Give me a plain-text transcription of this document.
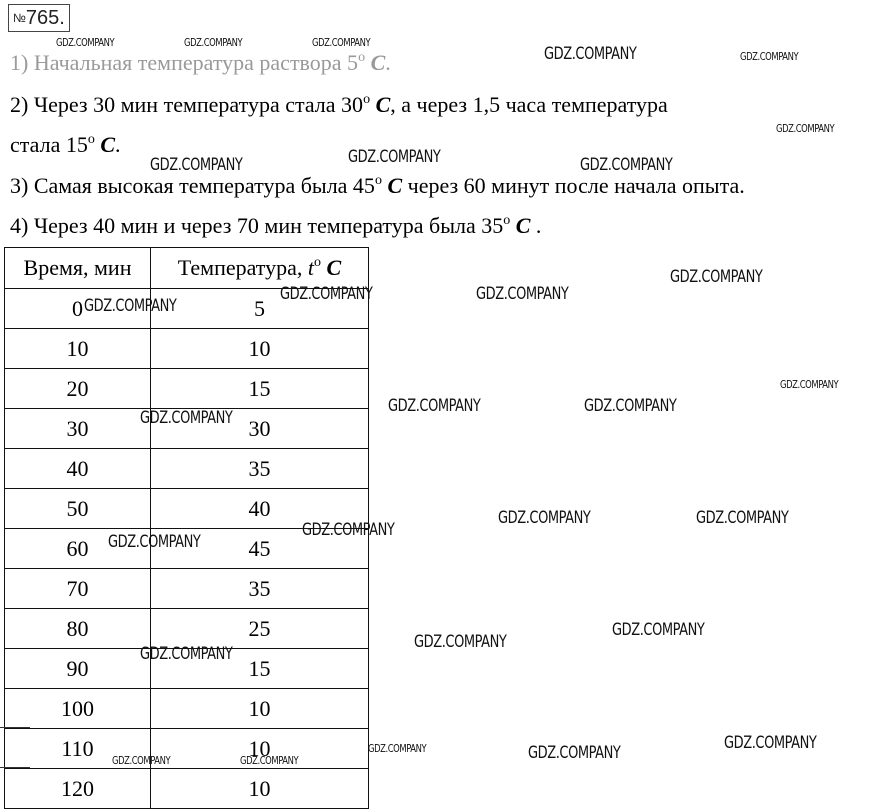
№765.
1) Начальная температура раствора $5^о$ C.
2) Через 30 мин температура стала $30^о$ C, а через 1,5 часа температура
стала $15^о$ C.
3) Самая высокая температура была $45^о$ C через 60 минут после начала опыта.
4) Через 40 мин и через 70 мин температура была $35^о$ C .
Время, мин	Температура, $t^о$ C
0	5
10	10
20	15
30	30
40	35
50	40
60	45
70	35
80	25
90	15
100	10
110	10
120	10
GDZ.COMPANY	GDZ.COMPANY	GDZ.COMPANY
GDZ.COMPANY	GDZ.COMPANY
GDZ.COMPANY
GDZ.COMPANY	GDZ.COMPANY	GDZ.COMPANY
GDZ.COMPANY
GDZ.COMPANY
GDZ.COMPANY	GDZ.COMPANY
GDZ.COMPANY
GDZ.COMPANY	GDZ.COMPANY
GDZ.COMPANY
GDZ.COMPANY	GDZ.COMPANY
GDZ.COMPANY
GDZ.COMPANY
GDZ.COMPANY
GDZ.COMPANY
GDZ.COMPANY
GDZ.COMPANY
GDZ.COMPANY
GDZ.COMPANY
GDZ.COMPANY	GDZ.COMPANY
